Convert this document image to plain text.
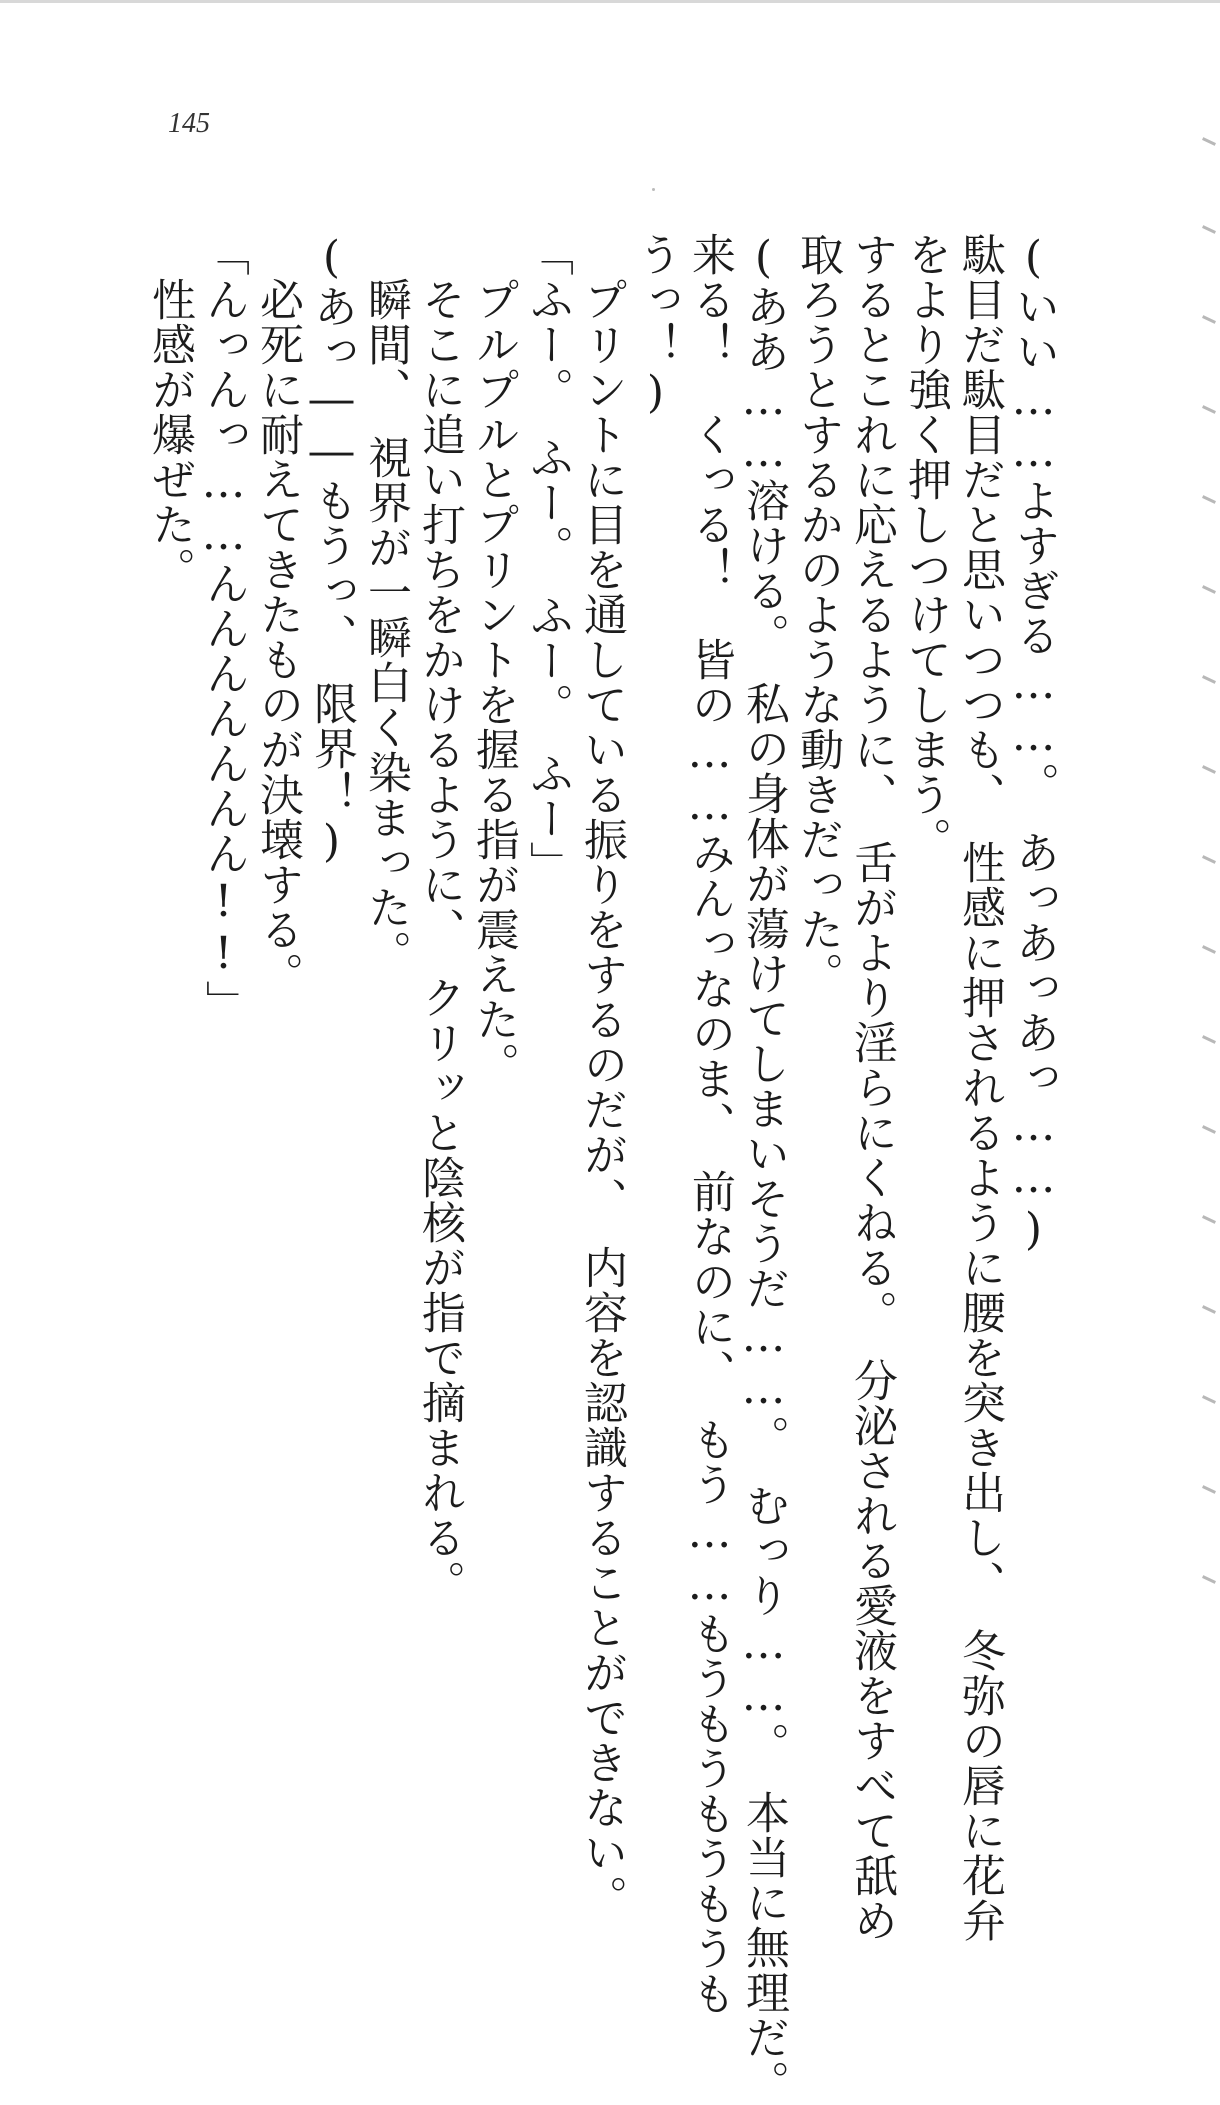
145
(いい……よすぎる……。　あっあっあっ……)
駄目だ駄目だと思いつつも、　性感に押されるように腰を突き出し、　冬弥の唇に花弁
をより強く押しつけてしまう。
するとこれに応えるように、　舌がより淫らにくねる。　分泌される愛液をすべて舐め
取ろうとするかのような動きだった。
(ああ……溶ける。　私の身体が蕩けてしまいそうだ……。　むっり……。　本当に無理だ。
来る！　くっる！　皆の……みんっなのま、　前なのに、　もう……もうもうもうもうも
うっ！)
　プリントに目を通している振りをするのだが、　内容を認識することができない。
「ふー。　ふー。　ふー。　ふー」
　プルプルとプリントを握る指が震えた。
　そこに追い打ちをかけるように、　クリッと陰核が指で摘まれる。
　瞬間、　視界が一瞬白く染まった。
(あっ――もうっ、　限界！)
　必死に耐えてきたものが決壊する。
「んっんっ……んんんんんんん!!」
　性感が爆ぜた。
